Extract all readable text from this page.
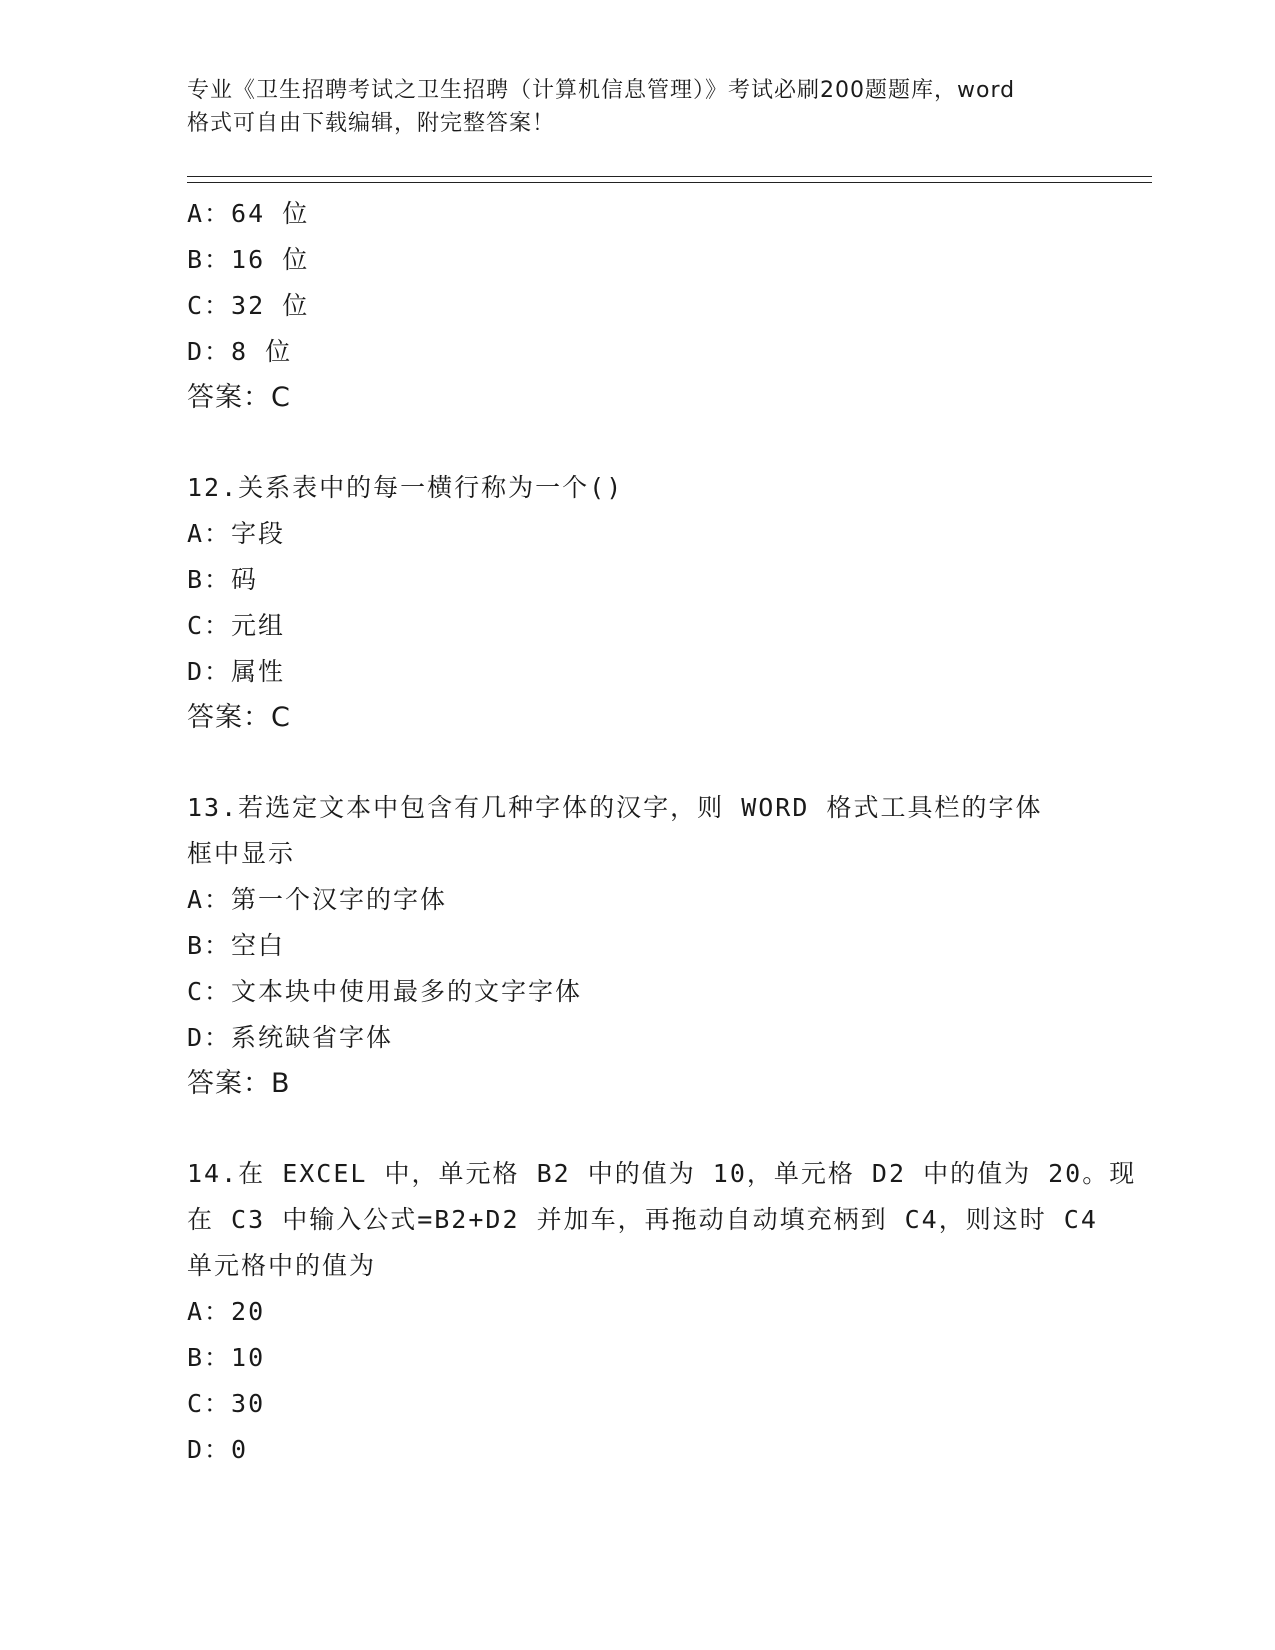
专业《卫生招聘考试之卫生招聘（计算机信息管理）》考试必刷200题题库，word
格式可自由下载编辑，附完整答案！
A：64 位
B：16 位
C：32 位
D：8 位
答案：C
12.关系表中的每一横行称为一个()
A：字段
B：码
C：元组
D：属性
答案：C
13.若选定文本中包含有几种字体的汉字，则 WORD 格式工具栏的字体
框中显示
A：第一个汉字的字体
B：空白
C：文本块中使用最多的文字字体
D：系统缺省字体
答案：B
14.在 EXCEL 中，单元格 B2 中的值为 10，单元格 D2 中的值为 20。现
在 C3 中输入公式=B2+D2 并加车，再拖动自动填充柄到 C4，则这时 C4
单元格中的值为
A：20
B：10
C：30
D：0
